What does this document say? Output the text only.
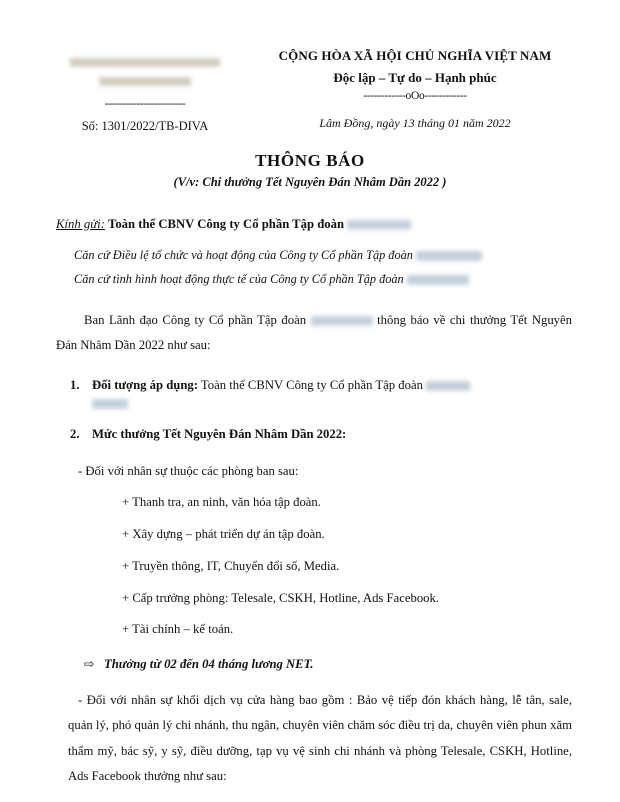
-----------------------
Số: 1301/2022/TB-DIVA
CỘNG HÒA XÃ HỘI CHỦ NGHĨA VIỆT NAM
Độc lập – Tự do – Hạnh phúc
------------oOo------------
Lâm Đồng, ngày 13 tháng 01 năm 2022
THÔNG BÁO
(V/v: Chi thưởng Tết Nguyên Đán Nhâm Dần 2022 )
Kính gửi: Toàn thể CBNV Công ty Cổ phần Tập đoàn
Căn cứ Điều lệ tổ chức và hoạt động của Công ty Cổ phần Tập đoàn
Căn cứ tình hình hoạt động thực tế của Công ty Cổ phần Tập đoàn
Ban Lãnh đạo Công ty Cổ phần Tập đoàn	thông báo về chi thưởng Tết Nguyên Đán Nhâm Dần 2022 như sau:
1. Đối tượng áp dụng: Toàn thể CBNV Công ty Cổ phần Tập đoàn
2. Mức thưởng Tết Nguyên Đán Nhâm Dần 2022:
- Đối với nhân sự thuộc các phòng ban sau:
+ Thanh tra, an ninh, văn hóa tập đoàn.
+ Xây dựng – phát triển dự án tập đoàn.
+ Truyền thông, IT, Chuyển đổi số, Media.
+ Cấp trưởng phòng: Telesale, CSKH, Hotline, Ads Facebook.
+ Tài chính – kế toán.
⇨ Thưởng từ 02 đến 04 tháng lương NET.
- Đối với nhân sự khối dịch vụ cửa hàng bao gồm : Bảo vệ tiếp đón khách hàng, lễ tân, sale, quản lý, phó quản lý chi nhánh, thu ngân, chuyên viên chăm sóc điều trị da, chuyên viên phun xăm thẩm mỹ, bác sỹ, y sỹ, điều dưỡng, tạp vụ vệ sinh chi nhánh và phòng Telesale, CSKH, Hotline, Ads Facebook thưởng như sau:
